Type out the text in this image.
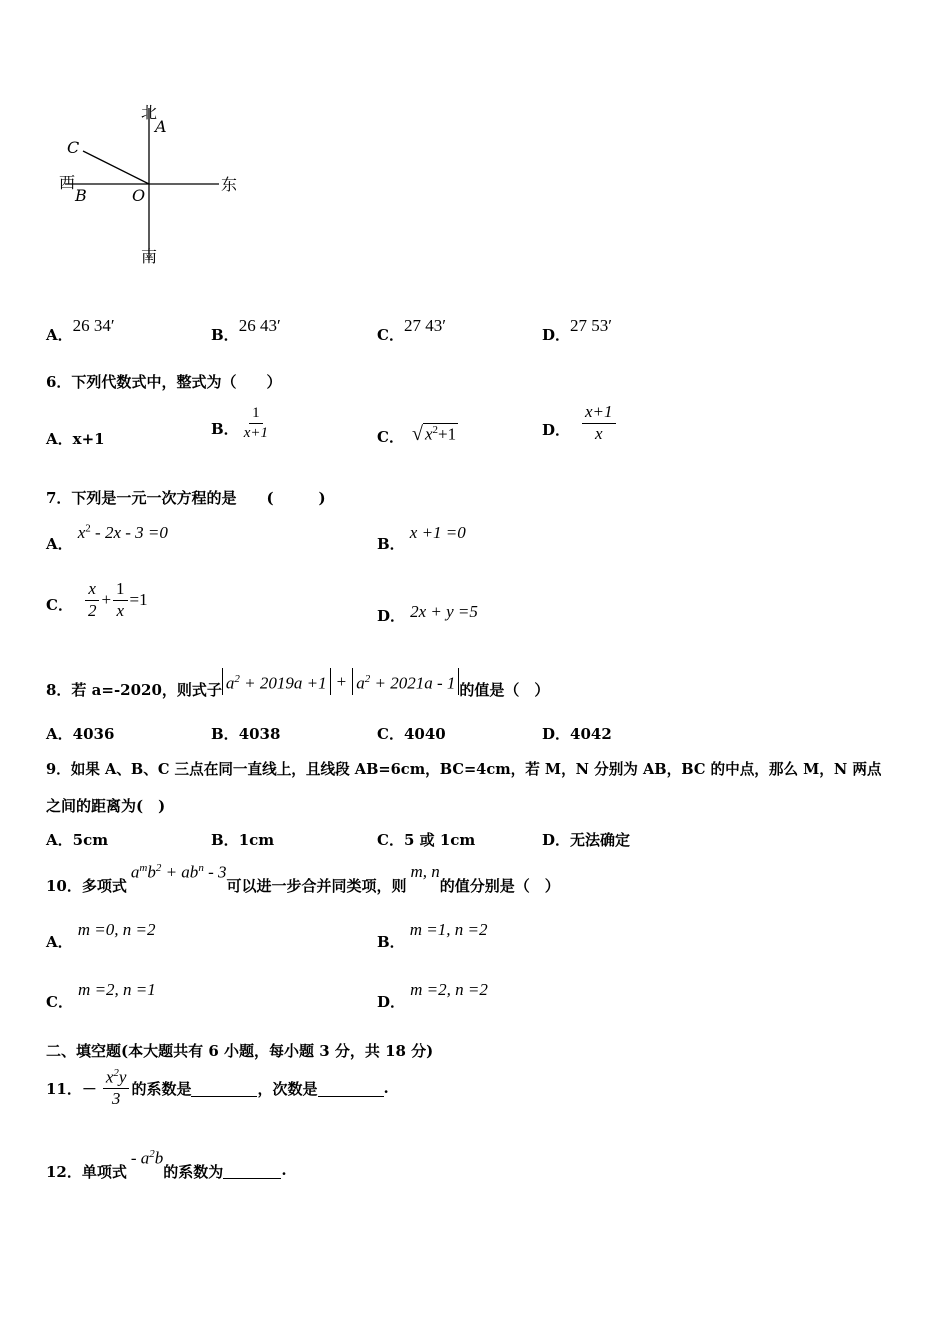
北
A
C
西
B	O
东
南
A．26 34′	B．26 43′	C．27 43′	D．27 53′
6．下列代数式中，整式为（　　）
A．x+1
B． $\frac{1}{x+1}$	C． √ $x^2+1$	D． $\frac{x+1}{x}$
7．下列是一元一次方程的是　　(　　　)
A． $x^2 - 2x - 3 =0$
B． x +1 =0
C． $\frac{x}{2} + \frac{1}{x} =1$
D． 2x + y =5
8．若 a=-2020，则式子 $a^2 + 2019a +1 + a^2 + 2021a - 1$ 的值是（　）
A．4036	B．4038	C．4040	D．4042
9．如果 A、B、C 三点在同一直线上，且线段 AB=6cm，BC=4cm，若 M，N 分别为 AB，BC 的中点，那么 M，N 两点
之间的距离为(　)
A．5cm	B．1cm	C．5 或 1cm	D．无法确定
10．多项式
$a^mb^2 + ab^n - 3$
可以进一步合并同类项，则
m, n
的值分别是（　）
A． m =0, n =2
B． m =1, n =2
C． m =2, n =1
D． m =2, n =2
二、填空题(本大题共有 6 小题，每小题 3 分，共 18 分)
11．－ $\frac{x^2y}{3}$ 的系数是	，次数是	.
12．单项式
- $a^2b$
的系数为	.
